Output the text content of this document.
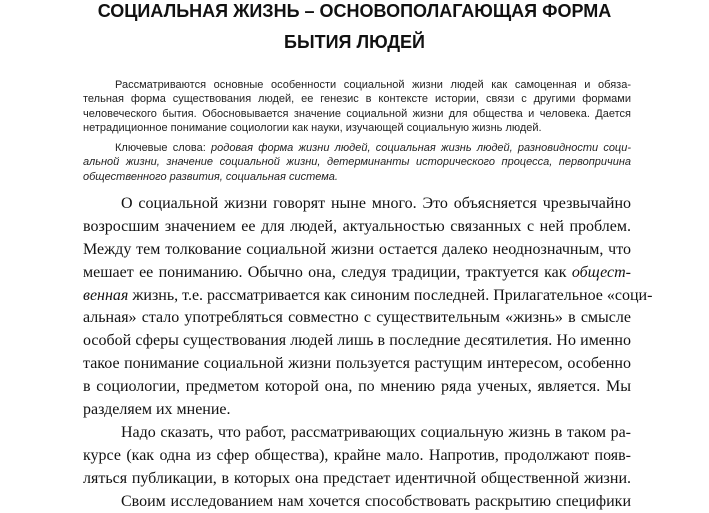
СОЦИАЛЬНАЯ ЖИЗНЬ – ОСНОВОПОЛАГАЮЩАЯ ФОРМА
БЫТИЯ ЛЮДЕЙ
Рассматриваются основные особенности социальной жизни людей как самоценная и обяза-
тельная форма существования людей, ее генезис в контексте истории, связи с другими формами
человеческого бытия. Обосновывается значение социальной жизни для общества и человека. Дается
нетрадиционное понимание социологии как науки, изучающей социальную жизнь людей.
Ключевые слова: родовая форма жизни людей, социальная жизнь людей, разновидности соци-
альной жизни, значение социальной жизни, детерминанты исторического процесса, первопричина
общественного развития, социальная система.
О социальной жизни говорят ныне много. Это объясняется чрезвычайно
возросшим значением ее для людей, актуальностью связанных с ней проблем.
Между тем толкование социальной жизни остается далеко неоднозначным, что
мешает ее пониманию. Обычно она, следуя традиции, трактуется как общест-
венная жизнь, т.е. рассматривается как синоним последней. Прилагательное «соци-
альная» стало употребляться совместно с существительным «жизнь» в смысле
особой сферы существования людей лишь в последние десятилетия. Но именно
такое понимание социальной жизни пользуется растущим интересом, особенно
в социологии, предметом которой она, по мнению ряда ученых, является. Мы
разделяем их мнение.
Надо сказать, что работ, рассматривающих социальную жизнь в таком ра-
курсе (как одна из сфер общества), крайне мало. Напротив, продолжают появ-
ляться публикации, в которых она предстает идентичной общественной жизни.
Своим исследованием нам хочется способствовать раскрытию специфики
